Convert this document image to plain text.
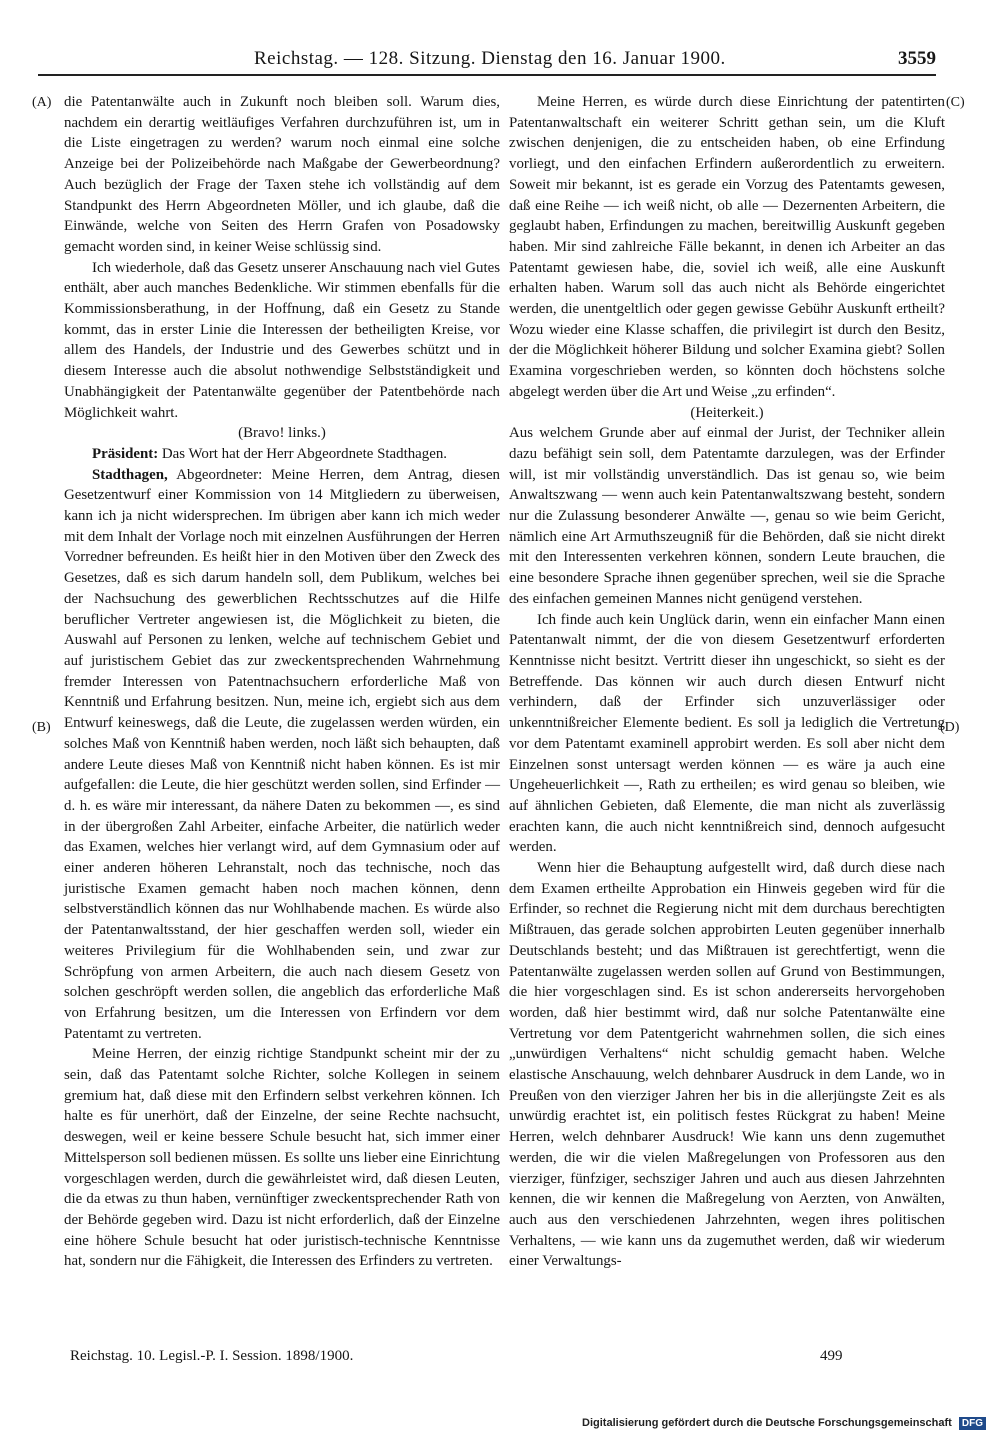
Reichstag. — 128. Sitzung. Dienstag den 16. Januar 1900.	3559
(A)
(B)
(C)
(D)

die Patentanwälte auch in Zukunft noch bleiben soll. Warum dies, nachdem ein derartig weitläufiges Verfahren durchzuführen ist, um in die Liste eingetragen zu werden? warum noch einmal eine solche Anzeige bei der Polizeibehörde nach Maßgabe der Gewerbeordnung? Auch bezüglich der Frage der Taxen stehe ich vollständig auf dem Standpunkt des Herrn Abgeordneten Möller, und ich glaube, daß die Einwände, welche von Seiten des Herrn Grafen von Posadowsky gemacht worden sind, in keiner Weise schlüssig sind.

Ich wiederhole, daß das Gesetz unserer Anschauung nach viel Gutes enthält, aber auch manches Bedenkliche. Wir stimmen ebenfalls für die Kommissionsberathung, in der Hoffnung, daß ein Gesetz zu Stande kommt, das in erster Linie die Interessen der betheiligten Kreise, vor allem des Handels, der Industrie und des Gewerbes schützt und in diesem Interesse auch die absolut nothwendige Selbstständigkeit und Unabhängigkeit der Patentanwälte gegenüber der Patentbehörde nach Möglichkeit wahrt.

(Bravo! links.)

Präsident: Das Wort hat der Herr Abgeordnete Stadthagen.

Stadthagen, Abgeordneter: Meine Herren, dem Antrag, diesen Gesetzentwurf einer Kommission von 14 Mitgliedern zu überweisen, kann ich ja nicht widersprechen. Im übrigen aber kann ich mich weder mit dem Inhalt der Vorlage noch mit einzelnen Ausführungen der Herren Vorredner befreunden. Es heißt hier in den Motiven über den Zweck des Gesetzes, daß es sich darum handeln soll, dem Publikum, welches bei der Nachsuchung des gewerblichen Rechtsschutzes auf die Hilfe beruflicher Vertreter angewiesen ist, die Möglichkeit zu bieten, die Auswahl auf Personen zu lenken, welche auf technischem Gebiet und auf juristischem Gebiet das zur zweckentsprechenden Wahrnehmung fremder Interessen von Patentnachsuchern erforderliche Maß von Kenntniß und Erfahrung besitzen. Nun, meine ich, ergiebt sich aus dem Entwurf keineswegs, daß die Leute, die zugelassen werden würden, ein solches Maß von Kenntniß haben werden, noch läßt sich behaupten, daß andere Leute dieses Maß von Kenntniß nicht haben können. Es ist mir aufgefallen: die Leute, die hier geschützt werden sollen, sind Erfinder — d. h. es wäre mir interessant, da nähere Daten zu bekommen —, es sind in der übergroßen Zahl Arbeiter, einfache Arbeiter, die natürlich weder das Examen, welches hier verlangt wird, auf dem Gymnasium oder auf einer anderen höheren Lehranstalt, noch das technische, noch das juristische Examen gemacht haben noch machen können, denn selbstverständlich können das nur Wohlhabende machen. Es würde also der Patentanwaltsstand, der hier geschaffen werden soll, wieder ein weiteres Privilegium für die Wohlhabenden sein, und zwar zur Schröpfung von armen Arbeitern, die auch nach diesem Gesetz von solchen geschröpft werden sollen, die angeblich das erforderliche Maß von Erfahrung besitzen, um die Interessen von Erfindern vor dem Patentamt zu vertreten.

Meine Herren, der einzig richtige Standpunkt scheint mir der zu sein, daß das Patentamt solche Richter, solche Kollegen in seinem gremium hat, daß diese mit den Erfindern selbst verkehren können. Ich halte es für unerhört, daß der Einzelne, der seine Rechte nachsucht, deswegen, weil er keine bessere Schule besucht hat, sich immer einer Mittelsperson soll bedienen müssen. Es sollte uns lieber eine Einrichtung vorgeschlagen werden, durch die gewährleistet wird, daß diesen Leuten, die da etwas zu thun haben, vernünftiger zweckentsprechender Rath von der Behörde gegeben wird. Dazu ist nicht erforderlich, daß der Einzelne eine höhere Schule besucht hat oder juristisch-technische Kenntnisse hat, sondern nur die Fähigkeit, die Interessen des Erfinders zu vertreten.

Meine Herren, es würde durch diese Einrichtung der patentirten Patentanwaltschaft ein weiterer Schritt gethan sein, um die Kluft zwischen denjenigen, die zu entscheiden haben, ob eine Erfindung vorliegt, und den einfachen Erfindern außerordentlich zu erweitern. Soweit mir bekannt, ist es gerade ein Vorzug des Patentamts gewesen, daß eine Reihe — ich weiß nicht, ob alle — Dezernenten Arbeitern, die geglaubt haben, Erfindungen zu machen, bereitwillig Auskunft gegeben haben. Mir sind zahlreiche Fälle bekannt, in denen ich Arbeiter an das Patentamt gewiesen habe, die, soviel ich weiß, alle eine Auskunft erhalten haben. Warum soll das auch nicht als Behörde eingerichtet werden, die unentgeltlich oder gegen gewisse Gebühr Auskunft ertheilt? Wozu wieder eine Klasse schaffen, die privilegirt ist durch den Besitz, der die Möglichkeit höherer Bildung und solcher Examina giebt? Sollen Examina vorgeschrieben werden, so könnten doch höchstens solche abgelegt werden über die Art und Weise „zu erfinden“.

(Heiterkeit.)

Aus welchem Grunde aber auf einmal der Jurist, der Techniker allein dazu befähigt sein soll, dem Patentamte darzulegen, was der Erfinder will, ist mir vollständig unverständlich. Das ist genau so, wie beim Anwaltszwang — wenn auch kein Patentanwaltszwang besteht, sondern nur die Zulassung besonderer Anwälte —, genau so wie beim Gericht, nämlich eine Art Armuthszeugniß für die Behörden, daß sie nicht direkt mit den Interessenten verkehren können, sondern Leute brauchen, die eine besondere Sprache ihnen gegenüber sprechen, weil sie die Sprache des einfachen gemeinen Mannes nicht genügend verstehen.

Ich finde auch kein Unglück darin, wenn ein einfacher Mann einen Patentanwalt nimmt, der die von diesem Gesetzentwurf erforderten Kenntnisse nicht besitzt. Vertritt dieser ihn ungeschickt, so sieht es der Betreffende. Das können wir auch durch diesen Entwurf nicht verhindern, daß der Erfinder sich unzuverlässiger oder unkenntnißreicher Elemente bedient. Es soll ja lediglich die Vertretung vor dem Patentamt examinell approbirt werden. Es soll aber nicht dem Einzelnen sonst untersagt werden können — es wäre ja auch eine Ungeheuerlichkeit —, Rath zu ertheilen; es wird genau so bleiben, wie auf ähnlichen Gebieten, daß Elemente, die man nicht als zuverlässig erachten kann, die auch nicht kenntnißreich sind, dennoch aufgesucht werden.

Wenn hier die Behauptung aufgestellt wird, daß durch diese nach dem Examen ertheilte Approbation ein Hinweis gegeben wird für die Erfinder, so rechnet die Regierung nicht mit dem durchaus berechtigten Mißtrauen, das gerade solchen approbirten Leuten gegenüber innerhalb Deutschlands besteht; und das Mißtrauen ist gerechtfertigt, wenn die Patentanwälte zugelassen werden sollen auf Grund von Bestimmungen, die hier vorgeschlagen sind. Es ist schon andererseits hervorgehoben worden, daß hier bestimmt wird, daß nur solche Patentanwälte eine Vertretung vor dem Patentgericht wahrnehmen sollen, die sich eines „unwürdigen Verhaltens“ nicht schuldig gemacht haben. Welche elastische Anschauung, welch dehnbarer Ausdruck in dem Lande, wo in Preußen von den vierziger Jahren her bis in die allerjüngste Zeit es als unwürdig erachtet ist, ein politisch festes Rückgrat zu haben! Meine Herren, welch dehnbarer Ausdruck! Wie kann uns denn zugemuthet werden, die wir die vielen Maßregelungen von Professoren aus den vierziger, fünfziger, sechsziger Jahren und auch aus diesen Jahrzehnten kennen, die wir kennen die Maßregelung von Aerzten, von Anwälten, auch aus den verschiedenen Jahrzehnten, wegen ihres politischen Verhaltens, — wie kann uns da zugemuthet werden, daß wir wiederum einer Verwaltungs-

Reichstag. 10. Legisl.-P. I. Session. 1898/1900.	499
Digitalisierung gefördert durch die Deutsche Forschungsgemeinschaft DFG
